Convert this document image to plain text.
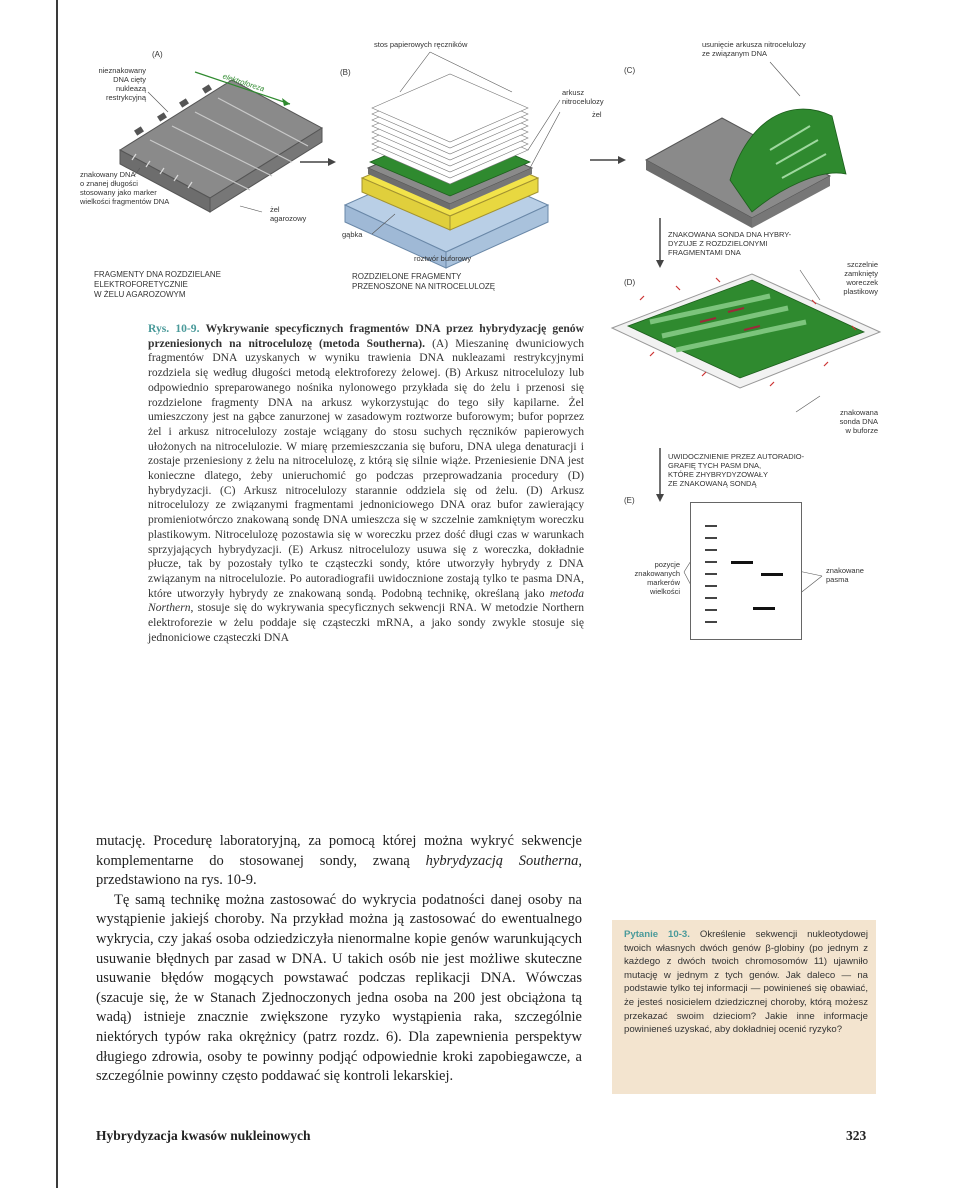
(A)
nieznakowany
DNA cięty
nukleazą
restrykcyjną
elektroforeza
znakowany DNA
o znanej długości
stosowany jako marker
wielkości fragmentów DNA
żel
agarozowy
FRAGMENTY DNA ROZDZIELANE
ELEKTROFORETYCZNIE
W ŻELU AGAROZOWYM
(B)
stos papierowych ręczników
arkusz
nitrocelulozy
żel
gąbka
roztwór buforowy
ROZDZIELONE FRAGMENTY
PRZENOSZONE NA NITROCELULOZĘ
(C)
usunięcie arkusza nitrocelulozy
ze związanym DNA
ZNAKOWANA SONDA DNA HYBRY-
DYZUJE Z ROZDZIELONYMI
FRAGMENTAMI DNA
(D)
szczelnie
zamknięty
woreczek
plastikowy
znakowana
sonda DNA
w buforze
UWIDOCZNIENIE PRZEZ AUTORADIO-
GRAFIĘ TYCH PASM DNA,
KTÓRE ZHYBRYDYZOWAŁY
ZE ZNAKOWANĄ SONDĄ
(E)
pozycje
znakowanych
markerów
wielkości
znakowane
pasma
Rys. 10-9. Wykrywanie specyficznych fragmentów DNA przez hybrydyzację genów przeniesionych na nitrocelulozę (metoda Southerna). (A) Mieszaninę dwuniciowych fragmentów DNA uzyskanych w wyniku trawienia DNA nukleazami restrykcyjnymi rozdziela się według długości metodą elektroforezy żelowej. (B) Arkusz nitrocelulozy lub odpowiednio spreparowanego nośnika nylonowego przykłada się do żelu i przenosi się rozdzielone fragmenty DNA na arkusz wykorzystując do tego siły kapilarne. Żel umieszczony jest na gąbce zanurzonej w zasadowym roztworze buforowym; bufor poprzez żel i arkusz nitrocelulozy zostaje wciągany do stosu suchych ręczników papierowych ułożonych na nitrocelulozie. W miarę przemieszczania się buforu, DNA ulega denaturacji i zostaje przeniesiony z żelu na nitrocelulozę, z którą się silnie wiąże. Przeniesienie DNA jest konieczne dlatego, żeby unieruchomić go podczas przeprowadzania procedury (D) hybrydyzacji. (C) Arkusz nitrocelulozy starannie oddziela się od żelu. (D) Arkusz nitrocelulozy ze związanymi fragmentami jednoniciowego DNA oraz bufor zawierający promieniotwórczo znakowaną sondę DNA umieszcza się w szczelnie zamkniętym woreczku plastikowym. Nitrocelulozę pozostawia się w woreczku przez dość długi czas w warunkach sprzyjających hybrydyzacji. (E) Arkusz nitrocelulozy usuwa się z woreczka, dokładnie płucze, tak by pozostały tylko te cząsteczki sondy, które utworzyły hybrydy z DNA związanym na nitrocelulozie. Po autoradiografii uwidocznione zostają tylko te pasma DNA, które utworzyły hybrydy ze znakowaną sondą. Podobną technikę, określaną jako metoda Northern, stosuje się do wykrywania specyficznych sekwencji RNA. W metodzie Northern elektroforezie w żelu poddaje się cząsteczki mRNA, a jako sondy zwykle stosuje się jednoniciowe cząsteczki DNA

mutację. Procedurę laboratoryjną, za pomocą której można wykryć sekwencje komplementarne do stosowanej sondy, zwaną hybrydyzacją Southerna, przedstawiono na rys. 10-9.

Tę samą technikę można zastosować do wykrycia podatności danej osoby na wystąpienie jakiejś choroby. Na przykład można ją zastosować do ewentualnego wykrycia, czy jakaś osoba odziedziczyła nienormalne kopie genów warunkujących usuwanie błędnych par zasad w DNA. U takich osób nie jest możliwe skuteczne usuwanie błędów mogących powstawać podczas replikacji DNA. Wówczas (szacuje się, że w Stanach Zjednoczonych jedna osoba na 200 jest obciążona tą wadą) istnieje znacznie zwiększone ryzyko wystąpienia raka, szczególnie niektórych typów raka okrężnicy (patrz rozdz. 6). Dla zapewnienia perspektyw długiego zdrowia, osoby te powinny podjąć odpowiednie kroki zapobiegawcze, a szczególnie powinny często poddawać się kontroli lekarskiej.

Pytanie 10-3. Określenie sekwencji nukleotydowej twoich własnych dwóch genów β-globiny (po jednym z każdego z dwóch twoich chromosomów 11) ujawniło mutację w jednym z tych genów. Jak daleco — na podstawie tylko tej informacji — powinieneś się obawiać, że jesteś nosicielem dziedzicznej choroby, którą możesz przekazać swoim dzieciom? Jakie inne informacje powinieneś uzyskać, aby dokładniej ocenić ryzyko?
Hybrydyzacja kwasów nukleinowych	323
